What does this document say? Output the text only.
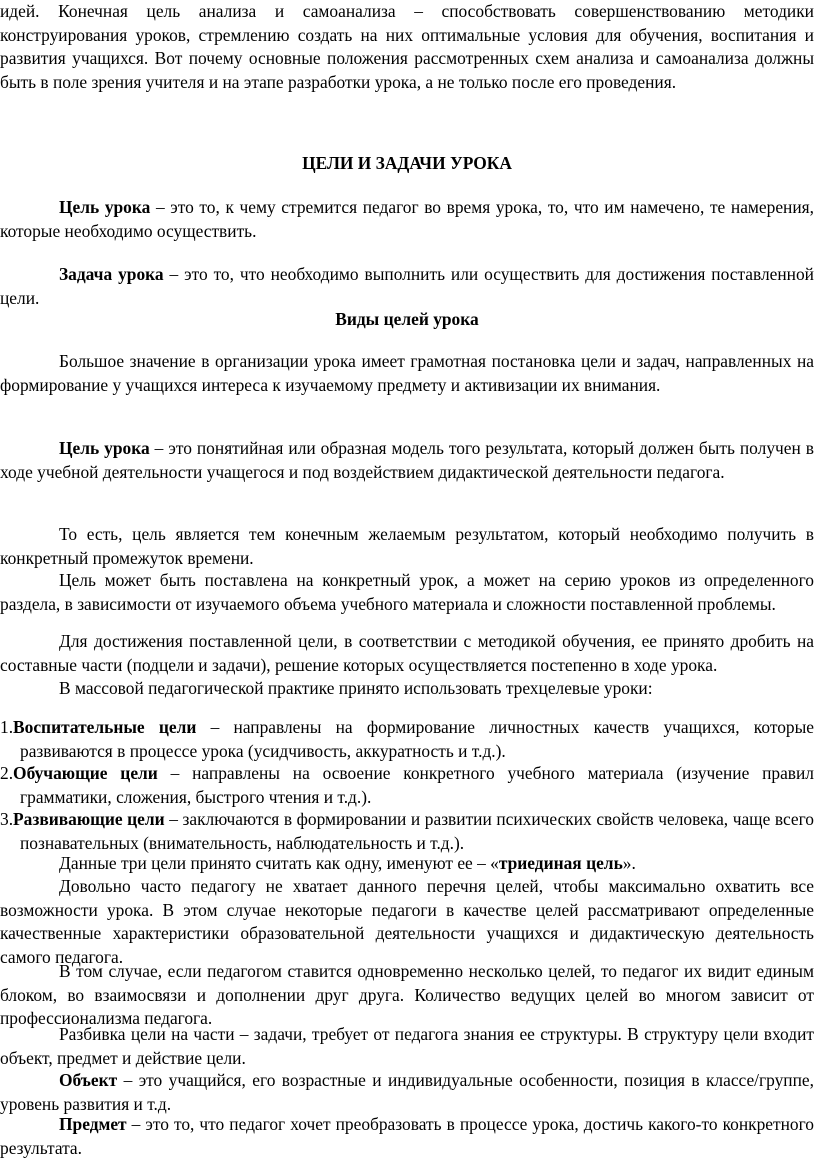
идей. Конечная цель анализа и самоанализа – способствовать совершенствованию методики конструирования уроков, стремлению создать на них оптимальные условия для обучения, воспитания и развития учащихся. Вот почему основные положения рассмотренных схем анализа и самоанализа должны быть в поле зрения учителя и на этапе разработки урока, а не только после его проведения.

ЦЕЛИ И ЗАДАЧИ УРОКА

Цель урока – это то, к чему стремится педагог во время урока, то, что им намечено, те намерения, которые необходимо осуществить.

Задача урока – это то, что необходимо выполнить или осуществить для достижения поставленной цели.

Виды целей урока

Большое значение в организации урока имеет грамотная постановка цели и задач, направленных на формирование у учащихся интереса к изучаемому предмету и активизации их внимания.

Цель урока – это понятийная или образная модель того результата, который должен быть получен в ходе учебной деятельности учащегося и под воздействием дидактической деятельности педагога.

То есть, цель является тем конечным желаемым результатом, который необходимо получить в конкретный промежуток времени.

Цель может быть поставлена на конкретный урок, а может на серию уроков из определенного раздела, в зависимости от изучаемого объема учебного материала и сложности поставленной проблемы.

Для достижения поставленной цели, в соответствии с методикой обучения, ее принято дробить на составные части (подцели и задачи), решение которых осуществляется постепенно в ходе урока.

В массовой педагогической практике принято использовать трехцелевые уроки:

1.Воспитательные цели – направлены на формирование личностных качеств учащихся, которые развиваются в процессе урока (усидчивость, аккуратность и т.д.).

2.Обучающие цели – направлены на освоение конкретного учебного материала (изучение правил грамматики, сложения, быстрого чтения и т.д.).

3.Развивающие цели – заключаются в формировании и развитии психических свойств человека, чаще всего познавательных (внимательность, наблюдательность и т.д.).

Данные три цели принято считать как одну, именуют ее – «триединая цель».

Довольно часто педагогу не хватает данного перечня целей, чтобы максимально охватить все возможности урока. В этом случае некоторые педагоги в качестве целей рассматривают определенные качественные характеристики образовательной деятельности учащихся и дидактическую деятельность самого педагога.

В том случае, если педагогом ставится одновременно несколько целей, то педагог их видит единым блоком, во взаимосвязи и дополнении друг друга. Количество ведущих целей во многом зависит от профессионализма педагога.

Разбивка цели на части – задачи, требует от педагога знания ее структуры. В структуру цели входит объект, предмет и действие цели.

Объект – это учащийся, его возрастные и индивидуальные особенности, позиция в классе/группе, уровень развития и т.д.

Предмет – это то, что педагог хочет преобразовать в процессе урока, достичь какого-то конкретного результата.
